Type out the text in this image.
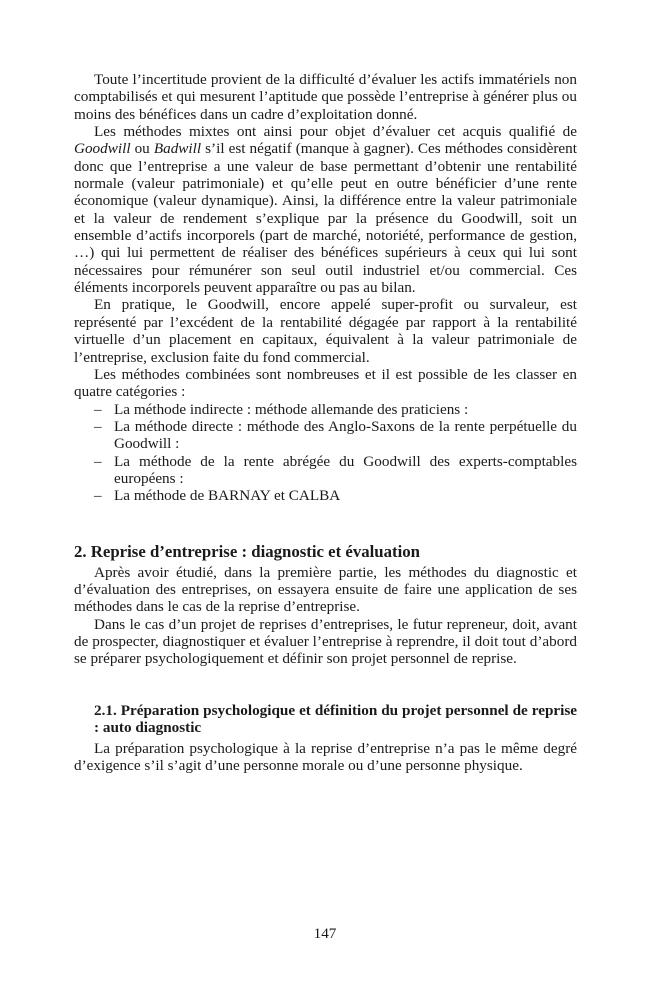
Toute l’incertitude provient de la difficulté d’évaluer les actifs immatériels non comptabilisés et qui mesurent l’aptitude que possède l’entreprise à générer plus ou moins des bénéfices dans un cadre d’exploitation donné.

Les méthodes mixtes ont ainsi pour objet d’évaluer cet acquis qualifié de Goodwill ou Badwill s’il est négatif (manque à gagner). Ces méthodes considèrent donc que l’entreprise a une valeur de base permettant d’obtenir une rentabilité normale (valeur patrimoniale) et qu’elle peut en outre bénéficier d’une rente économique (valeur dynamique). Ainsi, la différence entre la valeur patrimoniale et la valeur de rendement s’explique par la présence du Goodwill, soit un ensemble d’actifs incorporels (part de marché, notoriété, performance de gestion, …) qui lui permettent de réaliser des bénéfices supérieurs à ceux qui lui sont nécessaires pour rémunérer son seul outil industriel et/ou commercial. Ces éléments incorporels peuvent apparaître ou pas au bilan.

En pratique, le Goodwill, encore appelé super-profit ou survaleur, est représenté par l’excédent de la rentabilité dégagée par rapport à la rentabilité virtuelle d’un placement en capitaux, équivalent à la valeur patrimoniale de l’entreprise, exclusion faite du fond commercial.

Les méthodes combinées sont nombreuses et il est possible de les classer en quatre catégories :

– La méthode indirecte : méthode allemande des praticiens :
– La méthode directe : méthode des Anglo-Saxons de la rente perpétuelle du Goodwill :
– La méthode de la rente abrégée du Goodwill des experts-comptables européens :
– La méthode de BARNAY et CALBA
2. Reprise d’entreprise : diagnostic et évaluation

Après avoir étudié, dans la première partie, les méthodes du diagnostic et d’évaluation des entreprises, on essayera ensuite de faire une application de ses méthodes dans le cas de la reprise d’entreprise.

Dans le cas d’un projet de reprises d’entreprises, le futur repreneur, doit, avant de prospecter, diagnostiquer et évaluer l’entreprise à reprendre, il doit tout d’abord se préparer psychologiquement et définir son projet personnel de reprise.

2.1. Préparation psychologique et définition du projet personnel de reprise : auto diagnostic

La préparation psychologique à la reprise d’entreprise n’a pas le même degré d’exigence s’il s’agit d’une personne morale ou d’une personne physique.

147
